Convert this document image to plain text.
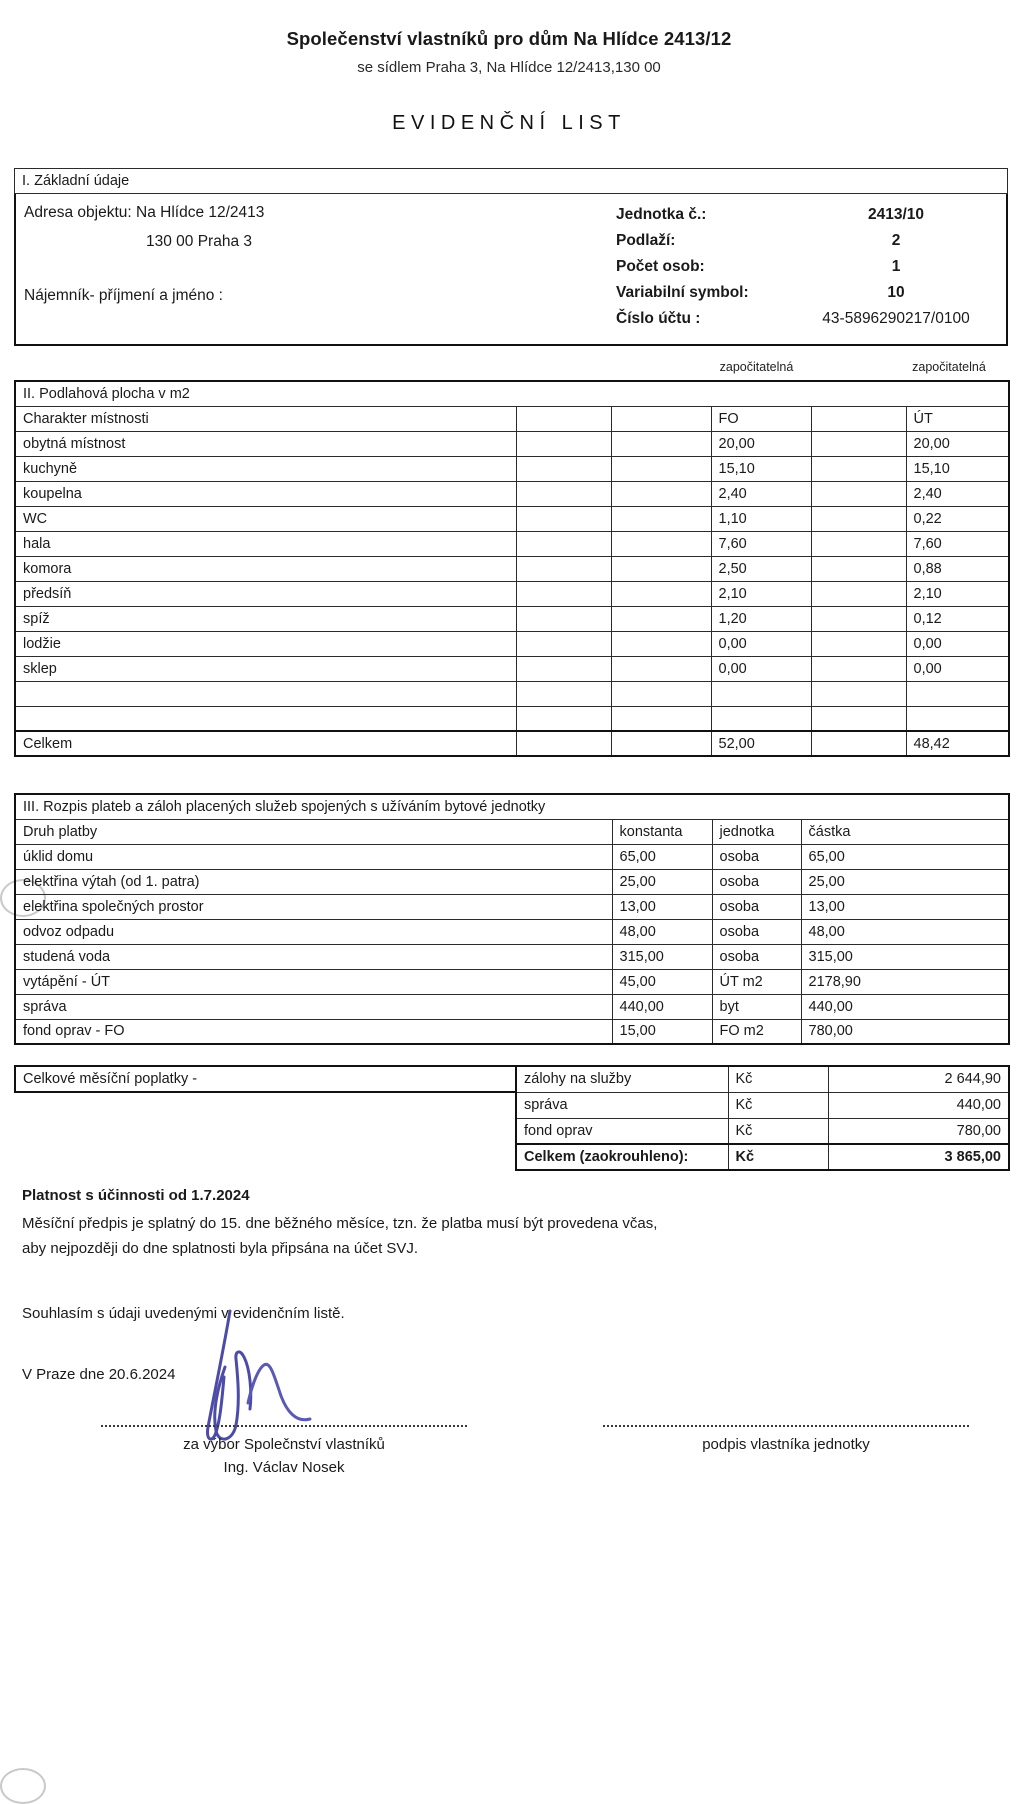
Společenství vlastníků pro dům Na Hlídce 2413/12
se sídlem Praha 3, Na Hlídce 12/2413,130 00
EVIDENČNÍ LIST
I. Základní údaje
Adresa objektu: Na Hlídce 12/2413
130 00 Praha 3
Nájemník- příjmení a jméno :
Jednotka č.:	2413/10
Podlaží:	2
Počet osob:	1
Variabilní symbol:	10
Číslo účtu :	43-5896290217/0100
započitatelná	započitatelná
II. Podlahová plocha v m2					
Charakter místnosti			FO		ÚT
obytná místnost			20,00		20,00
kuchyně			15,10		15,10
koupelna			2,40		2,40
WC			1,10		0,22
hala			7,60		7,60
komora			2,50		0,88
předsíň			2,10		2,10
spíž			1,20		0,12
lodžie			0,00		0,00
sklep			0,00		0,00

Celkem			52,00		48,42
III. Rozpis plateb a záloh placených služeb spojených s užíváním bytové jednotky			
Druh platby	konstanta	jednotka	částka
úklid domu	65,00	osoba	65,00
elektřina výtah (od 1. patra)	25,00	osoba	25,00
elektřina společných prostor	13,00	osoba	13,00
odvoz odpadu	48,00	osoba	48,00
studená voda	315,00	osoba	315,00
vytápění - ÚT	45,00	ÚT m2	2178,90
správa	440,00	byt	440,00
fond oprav - FO	15,00	FO m2	780,00
Celkové měsíční poplatky -	zálohy na služby	Kč	2 644,90
správa	Kč	440,00
fond oprav	Kč	780,00
Celkem (zaokrouhleno):	Kč	3 865,00
Platnost s účinnosti od 1.7.2024
Měsíční předpis je splatný do 15. dne běžného měsíce, tzn. že platba musí být provedena včas,
aby nejpozději do dne splatnosti byla připsána na účet SVJ.
Souhlasím s údaji uvedenými v evidenčním listě.
V Praze dne 20.6.2024
za výbor Společnství vlastníků
Ing. Václav Nosek
podpis vlastníka jednotky
